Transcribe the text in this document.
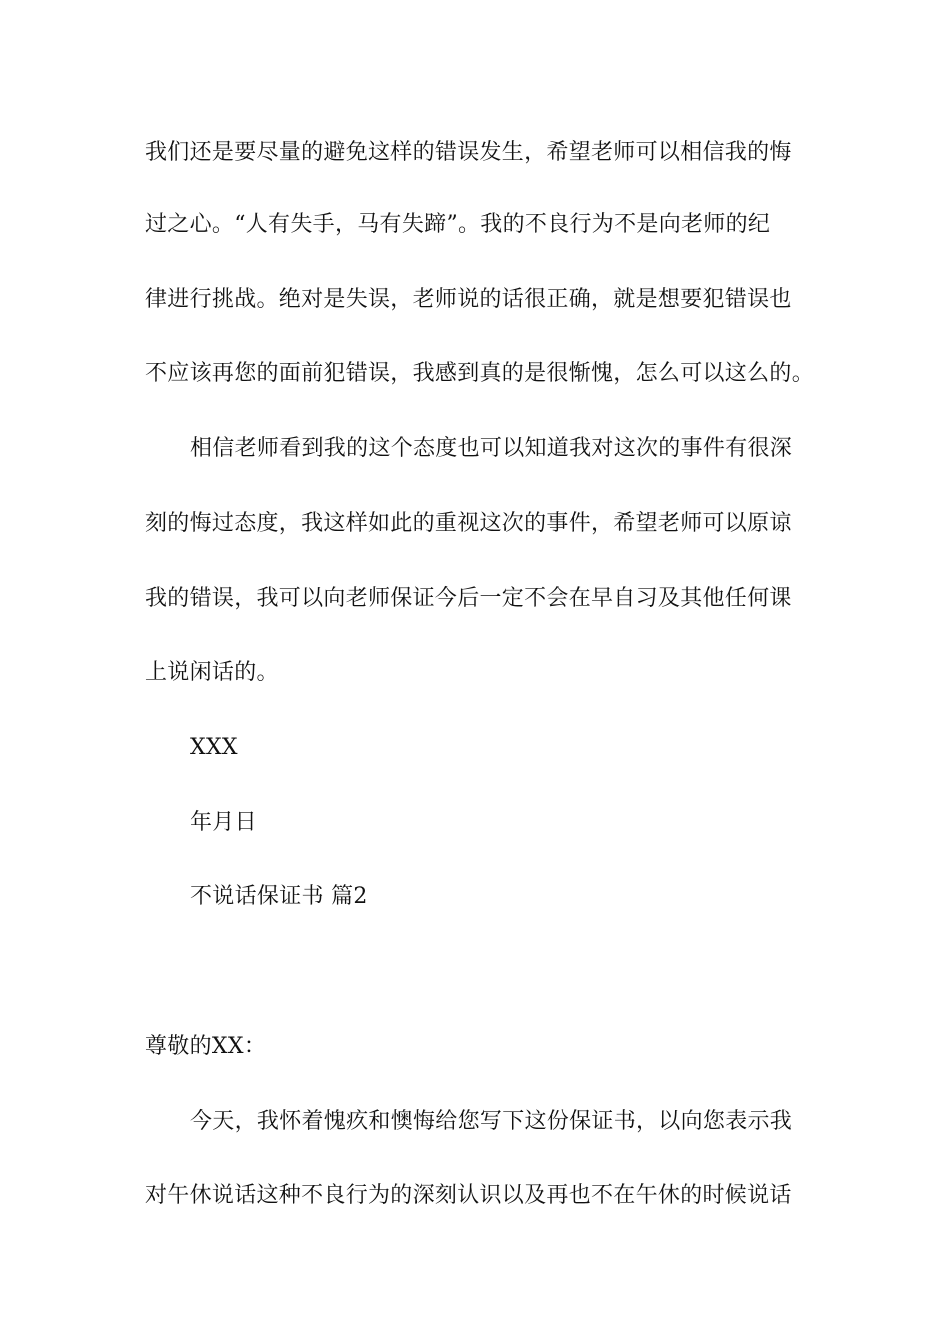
我们还是要尽量的避免这样的错误发生，希望老师可以相信我的悔
过之心。“人有失手，马有失蹄”。我的不良行为不是向老师的纪
律进行挑战。绝对是失误，老师说的话很正确，就是想要犯错误也
不应该再您的面前犯错误，我感到真的是很惭愧，怎么可以这么的。
相信老师看到我的这个态度也可以知道我对这次的事件有很深
刻的悔过态度，我这样如此的重视这次的事件，希望老师可以原谅
我的错误，我可以向老师保证今后一定不会在早自习及其他任何课
上说闲话的。
XXX
年月日
不说话保证书 篇2
尊敬的XX：
今天，我怀着愧疚和懊悔给您写下这份保证书，以向您表示我
对午休说话这种不良行为的深刻认识以及再也不在午休的时候说话
